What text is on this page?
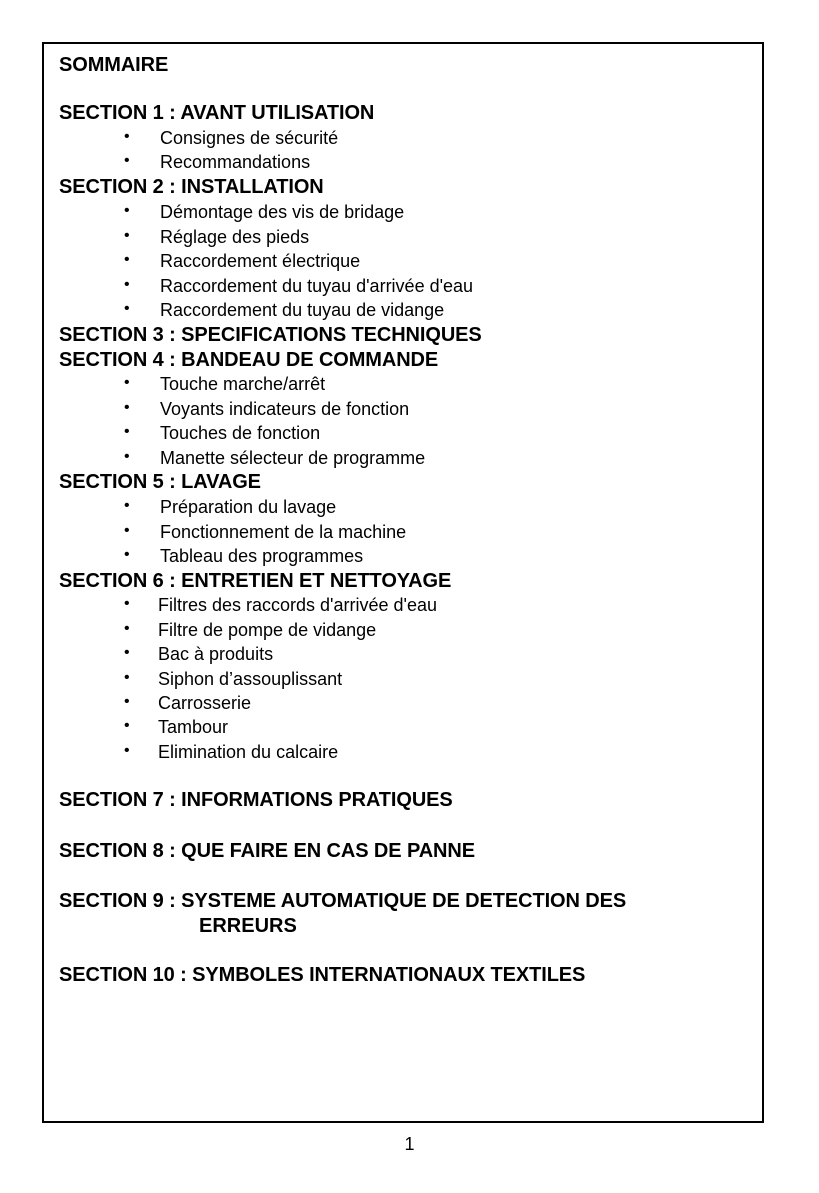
SOMMAIRE
SECTION 1 : AVANT UTILISATION
• Consignes de sécurité
• Recommandations
SECTION 2 : INSTALLATION
• Démontage des vis de bridage
• Réglage des pieds
• Raccordement électrique
• Raccordement du tuyau d'arrivée d'eau
• Raccordement du tuyau de vidange
SECTION 3 : SPECIFICATIONS TECHNIQUES
SECTION 4 : BANDEAU DE COMMANDE
• Touche marche/arrêt
• Voyants indicateurs de fonction
• Touches de fonction
• Manette sélecteur de programme
SECTION 5 : LAVAGE
• Préparation du lavage
• Fonctionnement de la machine
• Tableau des programmes
SECTION 6 : ENTRETIEN ET NETTOYAGE
• Filtres des raccords d'arrivée d'eau
• Filtre de pompe de vidange
• Bac à produits
• Siphon d’assouplissant
• Carrosserie
• Tambour
• Elimination du calcaire
SECTION 7 : INFORMATIONS PRATIQUES
SECTION 8 : QUE FAIRE EN CAS DE PANNE
SECTION 9 : SYSTEME AUTOMATIQUE DE DETECTION DES
ERREURS
SECTION 10 : SYMBOLES INTERNATIONAUX TEXTILES
1
